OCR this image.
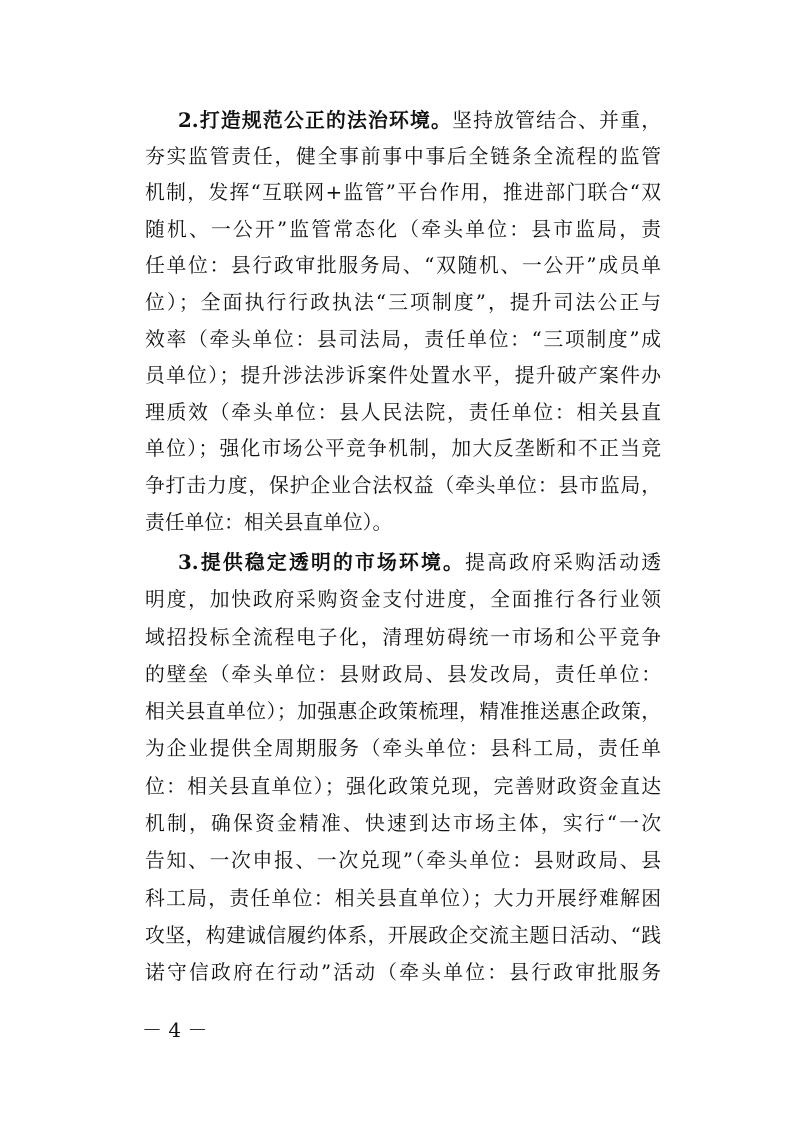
2.打造规范公正的法治环境。坚持放管结合、并重，
夯实监管责任，健全事前事中事后全链条全流程的监管
机制，发挥“互联网+监管”平台作用，推进部门联合“双
随机、一公开”监管常态化（牵头单位：县市监局，责
任单位：县行政审批服务局、“双随机、一公开”成员单
位）；全面执行行政执法“三项制度”，提升司法公正与
效率（牵头单位：县司法局，责任单位：“三项制度”成
员单位）；提升涉法涉诉案件处置水平，提升破产案件办
理质效（牵头单位：县人民法院，责任单位：相关县直
单位）；强化市场公平竞争机制，加大反垄断和不正当竞
争打击力度，保护企业合法权益（牵头单位：县市监局，
责任单位：相关县直单位）。
3.提供稳定透明的市场环境。提高政府采购活动透
明度，加快政府采购资金支付进度，全面推行各行业领
域招投标全流程电子化，清理妨碍统一市场和公平竞争
的壁垒（牵头单位：县财政局、县发改局，责任单位：
相关县直单位）；加强惠企政策梳理，精准推送惠企政策，
为企业提供全周期服务（牵头单位：县科工局，责任单
位：相关县直单位）；强化政策兑现，完善财政资金直达
机制，确保资金精准、快速到达市场主体，实行“一次
告知、一次申报、一次兑现”（牵头单位：县财政局、县
科工局，责任单位：相关县直单位）；大力开展纾难解困
攻坚，构建诚信履约体系，开展政企交流主题日活动、“践
诺守信政府在行动”活动（牵头单位：县行政审批服务
－ 4 －
